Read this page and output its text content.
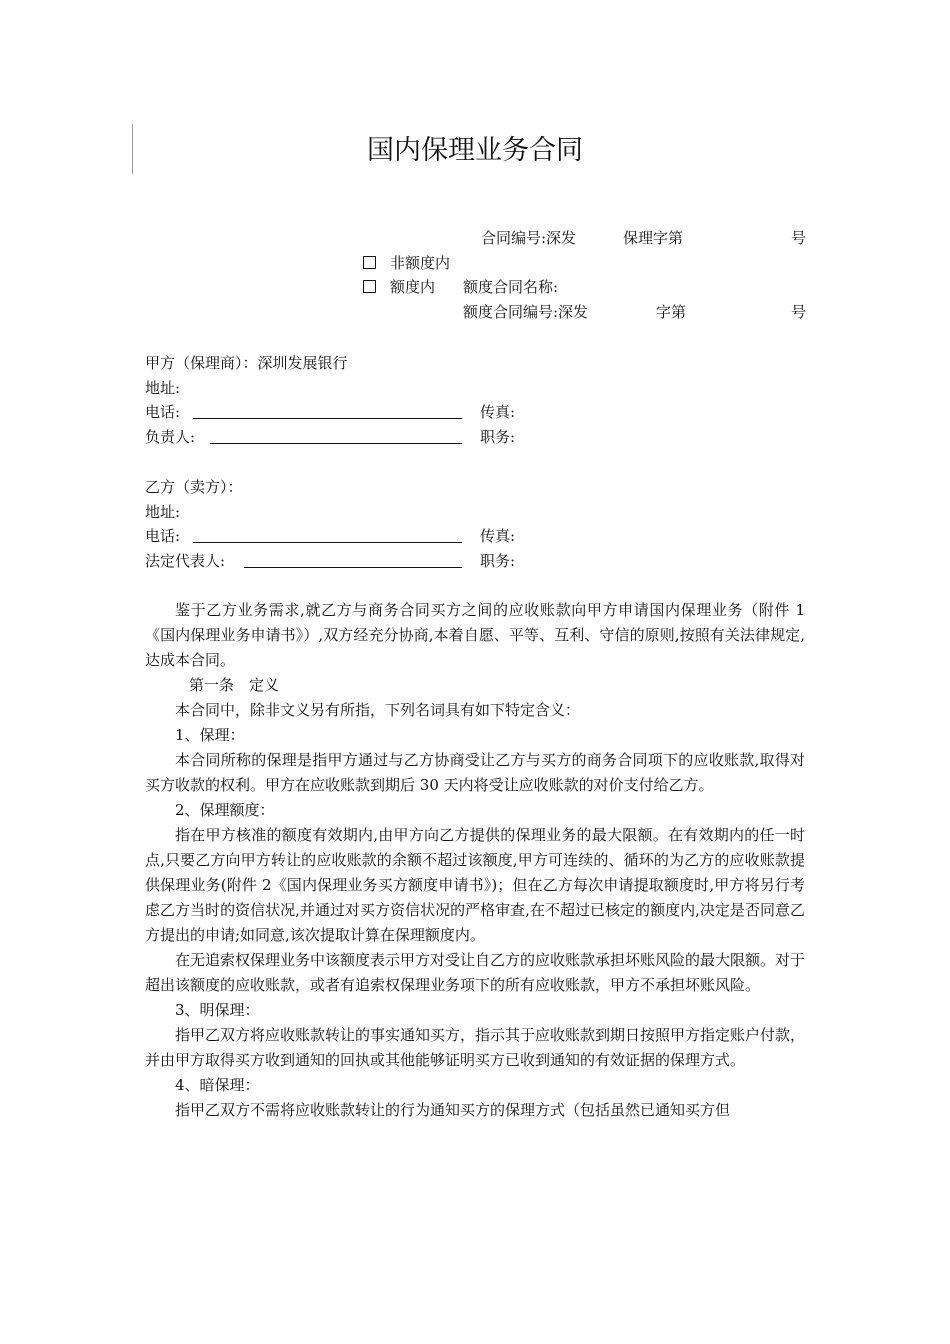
国内保理业务合同
合同编号:深发	保理字第	号
非额度内
额度内 额度合同名称:
额度合同编号:深发	字第	号
甲方（保理商）：深圳发展银行
地址:
电话:	传真:
负责人:	职务:
乙方（卖方）：
地址:
电话:	传真:
法定代表人:	职务:

鉴于乙方业务需求,就乙方与商务合同买方之间的应收账款向甲方申请国内保理业务（附件 1《国内保理业务申请书》）,双方经充分协商,本着自愿、平等、互利、守信的原则,按照有关法律规定,达成本合同。

第一条　定义

本合同中，除非文义另有所指，下列名词具有如下特定含义：

1、保理：

本合同所称的保理是指甲方通过与乙方协商受让乙方与买方的商务合同项下的应收账款,取得对买方收款的权利。甲方在应收账款到期后 30 天内将受让应收账款的对价支付给乙方。

2、保理额度：

指在甲方核准的额度有效期内,由甲方向乙方提供的保理业务的最大限额。在有效期内的任一时点,只要乙方向甲方转让的应收账款的余额不超过该额度,甲方可连续的、循环的为乙方的应收账款提供保理业务(附件 2《国内保理业务买方额度申请书》)；但在乙方每次申请提取额度时,甲方将另行考虑乙方当时的资信状况,并通过对买方资信状况的严格审查,在不超过已核定的额度内,决定是否同意乙方提出的申请;如同意,该次提取计算在保理额度内。

在无追索权保理业务中该额度表示甲方对受让自乙方的应收账款承担坏账风险的最大限额。对于超出该额度的应收账款，或者有追索权保理业务项下的所有应收账款，甲方不承担坏账风险。

3、明保理：

指甲乙双方将应收账款转让的事实通知买方，指示其于应收账款到期日按照甲方指定账户付款，并由甲方取得买方收到通知的回执或其他能够证明买方已收到通知的有效证据的保理方式。

4、暗保理：

指甲乙双方不需将应收账款转让的行为通知买方的保理方式（包括虽然已通知买方但
